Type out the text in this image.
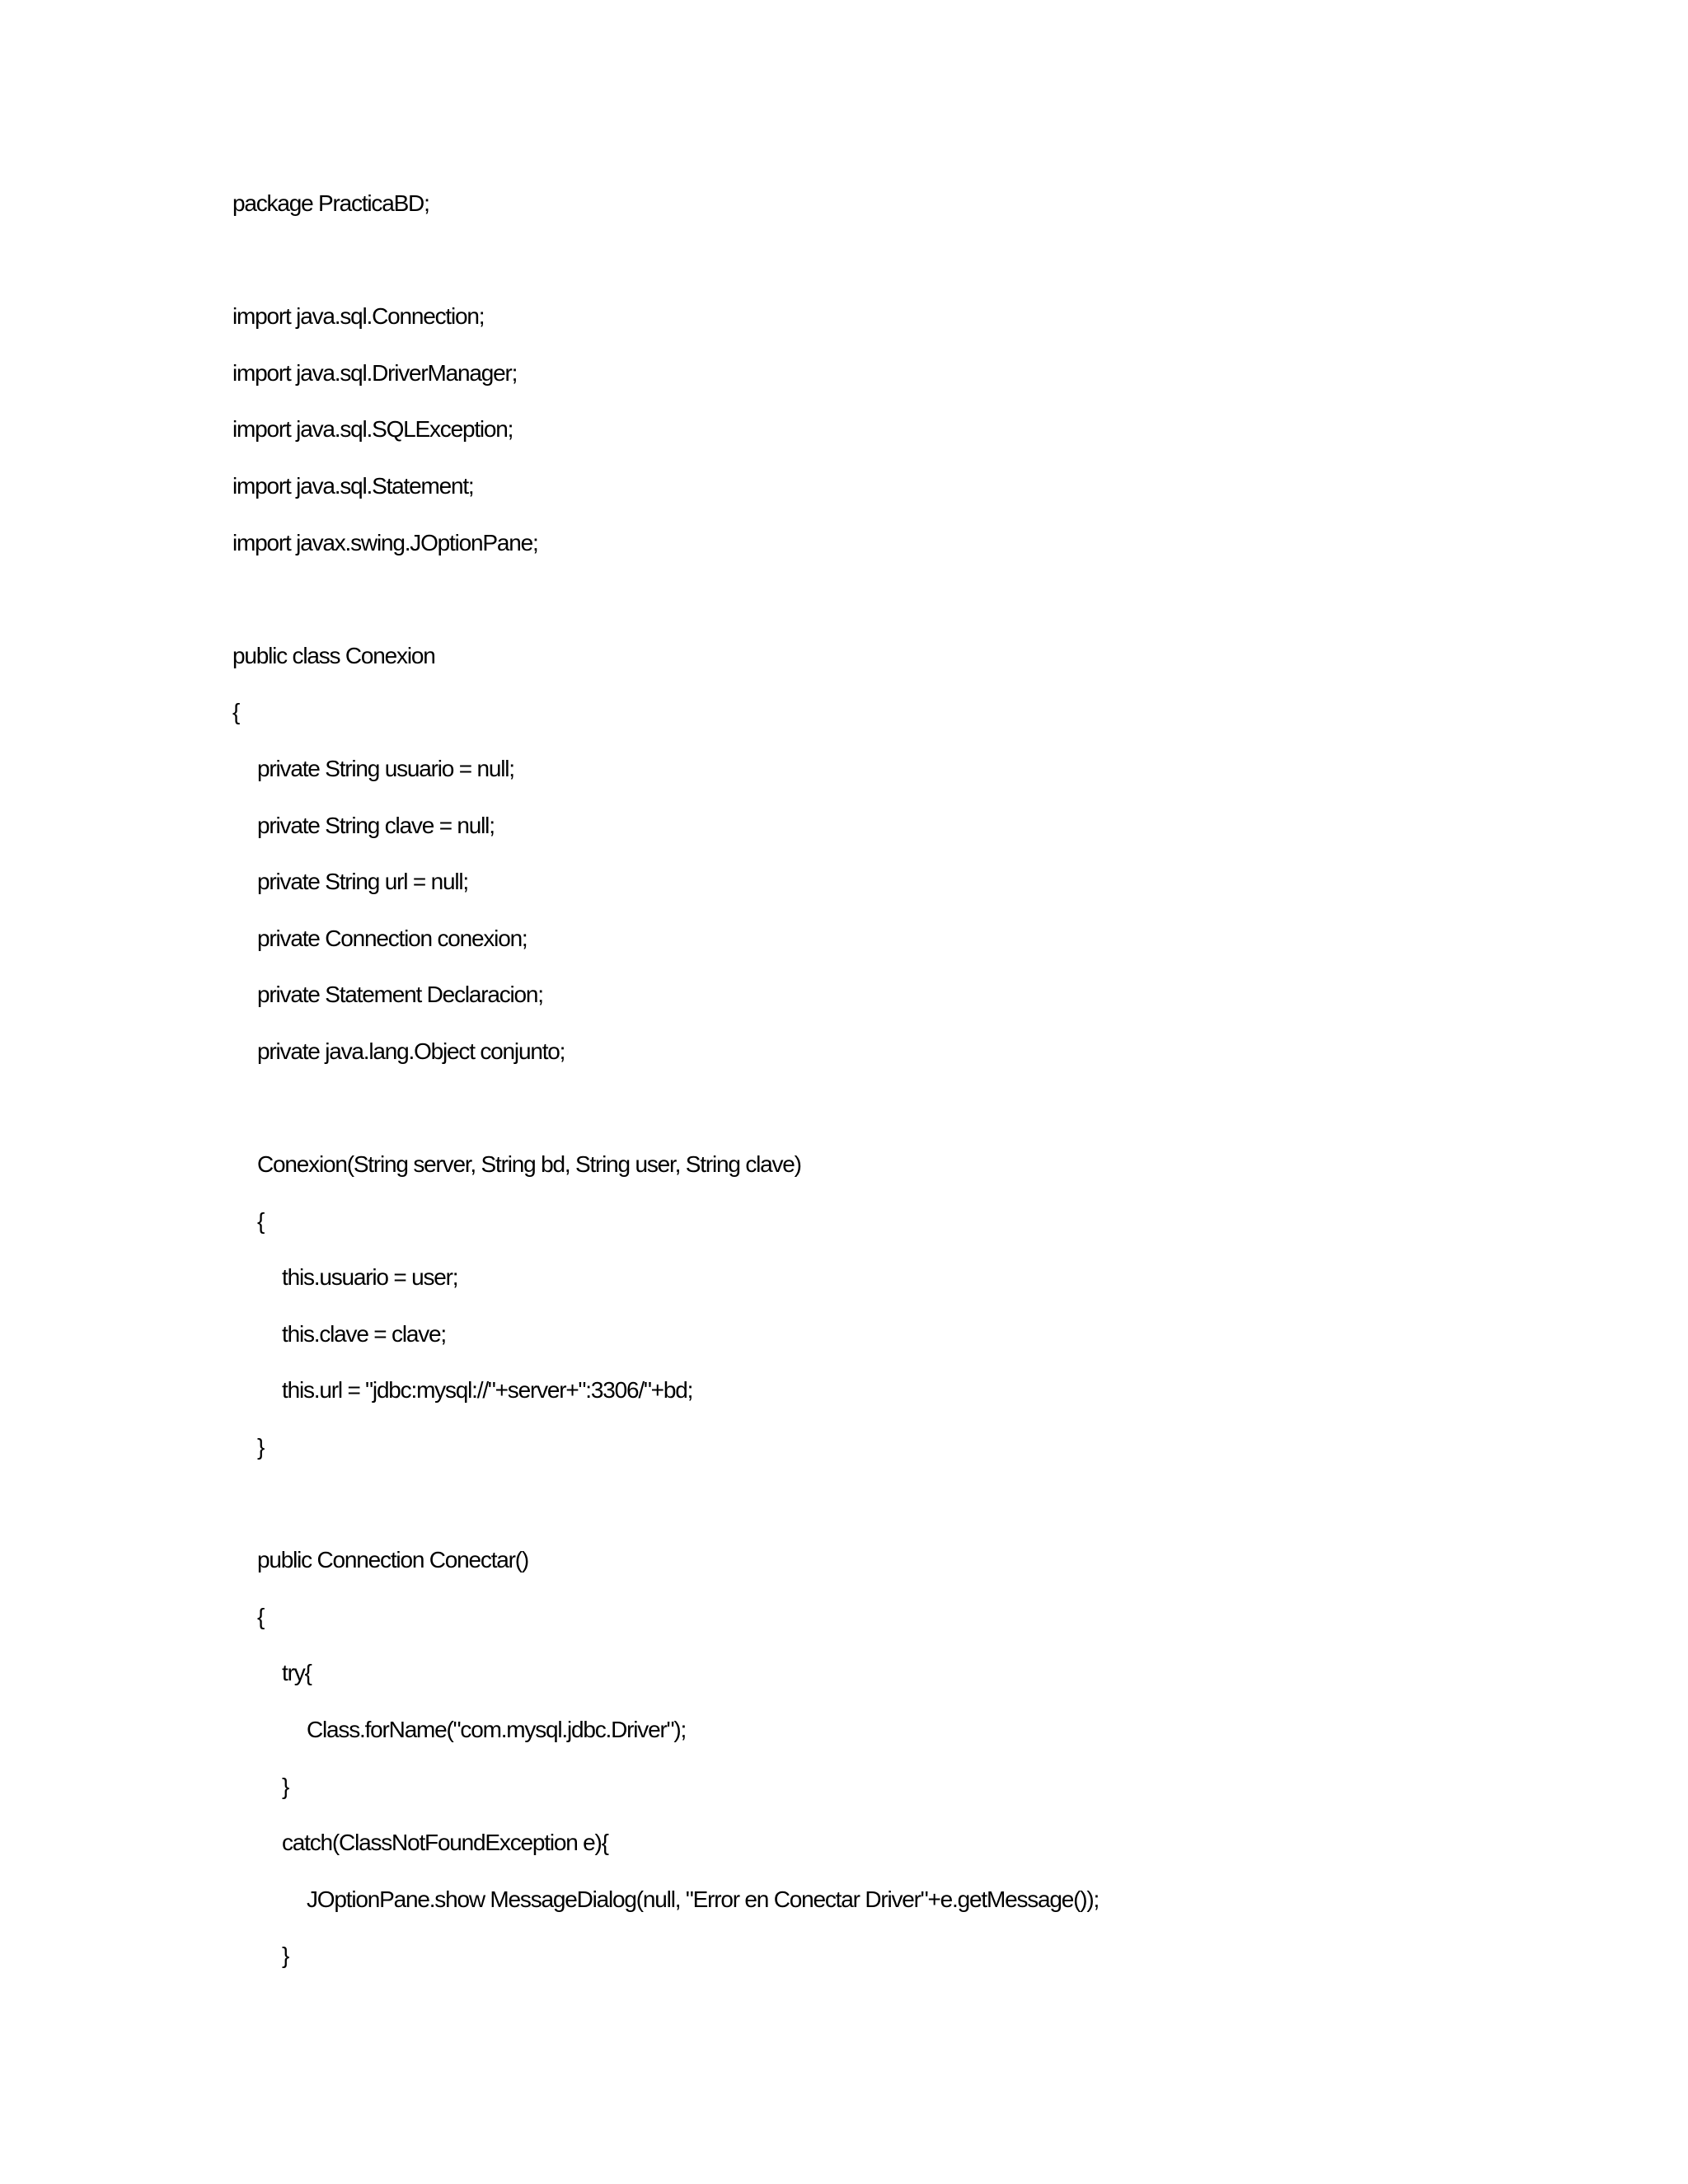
package PracticaBD;
import java.sql.Connection;
import java.sql.DriverManager;
import java.sql.SQLException;
import java.sql.Statement;
import javax.swing.JOptionPane;
public class Conexion
{
private String usuario = null;
private String clave = null;
private String url = null;
private Connection conexion;
private Statement Declaracion;
private java.lang.Object conjunto;
Conexion(String server, String bd, String user, String clave)
{
this.usuario = user;
this.clave = clave;
this.url = "jdbc:mysql://"+server+":3306/"+bd;
}
public Connection Conectar()
{
try{
Class.forName("com.mysql.jdbc.Driver");
}
catch(ClassNotFoundException e){
JOptionPane.show MessageDialog(null, "Error en Conectar Driver"+e.getMessage());
}
